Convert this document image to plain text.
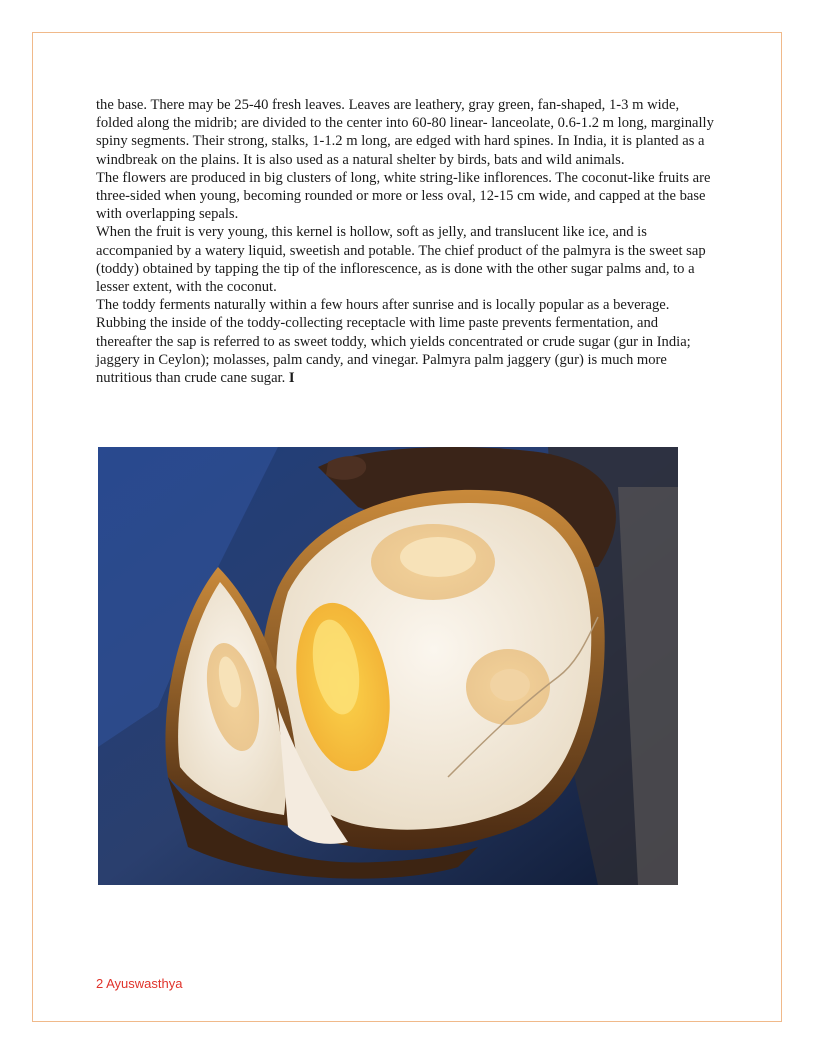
the base. There may be 25-40 fresh leaves. Leaves are leathery, gray green, fan-shaped, 1-3 m wide, folded along the midrib; are divided to the center into 60-80 linear- lanceolate, 0.6-1.2 m long, marginally spiny segments. Their strong, stalks, 1-1.2 m long, are edged with hard spines. In India, it is planted as a windbreak on the plains. It is also used as a natural shelter by birds, bats and wild animals.

The flowers are produced in big clusters of long, white string-like inflorences. The coconut-like fruits are three-sided when young, becoming rounded or more or less oval, 12-15 cm wide, and capped at the base with overlapping sepals.

When the fruit is very young, this kernel is hollow, soft as jelly, and translucent like ice, and is accompanied by a watery liquid, sweetish and potable. The chief product of the palmyra is the sweet sap (toddy) obtained by tapping the tip of the inflorescence, as is done with the other sugar palms and, to a lesser extent, with the coconut.

The toddy ferments naturally within a few hours after sunrise and is locally popular as a beverage. Rubbing the inside of the toddy-collecting receptacle with lime paste prevents fermentation, and thereafter the sap is referred to as sweet toddy, which yields concentrated or crude sugar (gur in India; jaggery in Ceylon); molasses, palm candy, and vinegar. Palmyra palm jaggery (gur) is much more nutritious than crude cane sugar. I

2 Ayuswasthya
